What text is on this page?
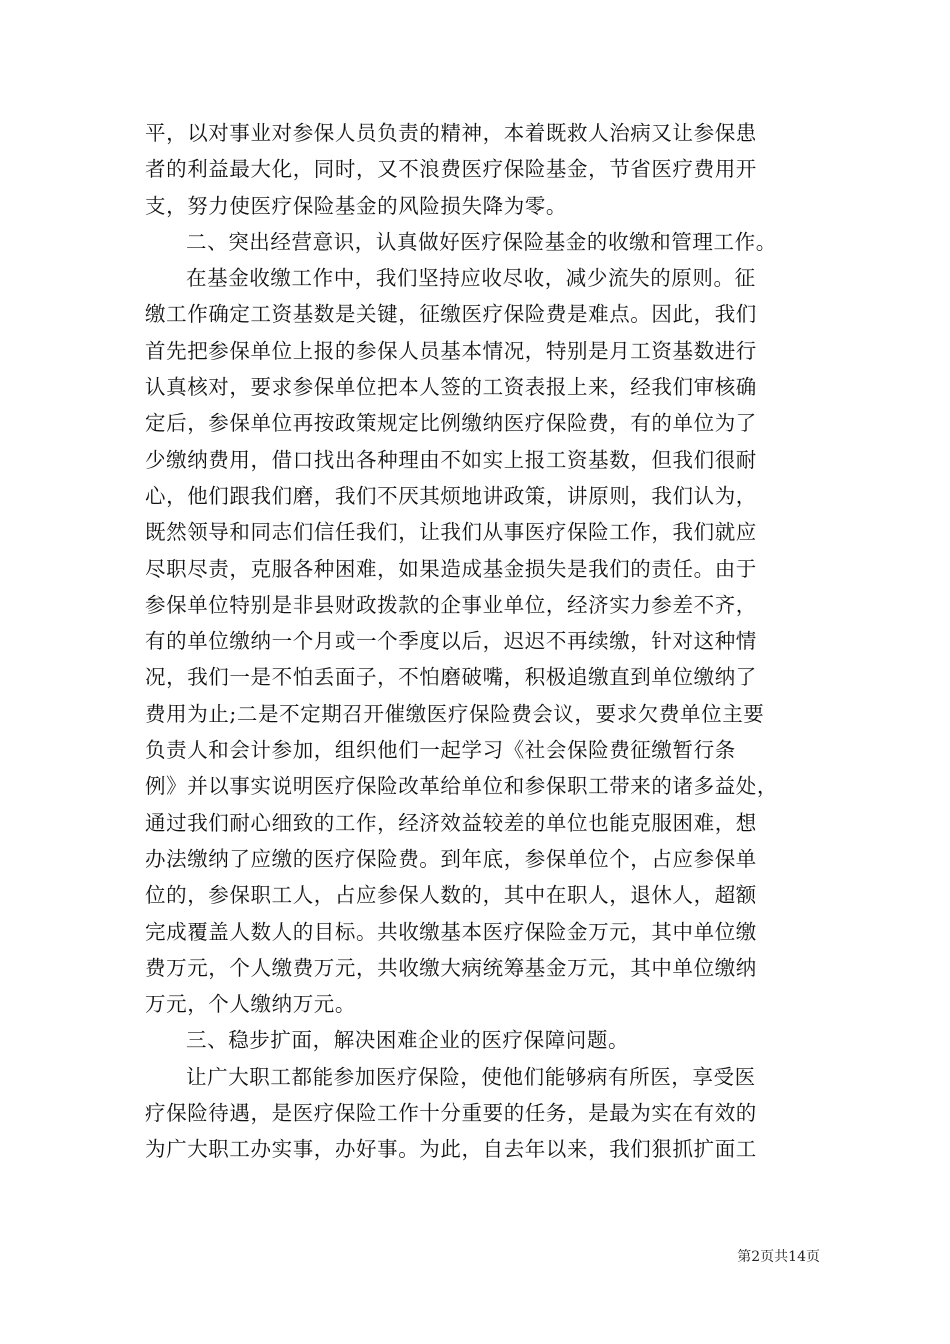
平，以对事业对参保人员负责的精神，本着既救人治病又让参保患
者的利益最大化，同时，又不浪费医疗保险基金，节省医疗费用开
支，努力使医疗保险基金的风险损失降为零。
二、突出经营意识，认真做好医疗保险基金的收缴和管理工作。
在基金收缴工作中，我们坚持应收尽收，减少流失的原则。征
缴工作确定工资基数是关键，征缴医疗保险费是难点。因此，我们
首先把参保单位上报的参保人员基本情况，特别是月工资基数进行
认真核对，要求参保单位把本人签的工资表报上来，经我们审核确
定后，参保单位再按政策规定比例缴纳医疗保险费，有的单位为了
少缴纳费用，借口找出各种理由不如实上报工资基数，但我们很耐
心，他们跟我们磨，我们不厌其烦地讲政策，讲原则，我们认为，
既然领导和同志们信任我们，让我们从事医疗保险工作，我们就应
尽职尽责，克服各种困难，如果造成基金损失是我们的责任。由于
参保单位特别是非县财政拨款的企事业单位，经济实力参差不齐，
有的单位缴纳一个月或一个季度以后，迟迟不再续缴，针对这种情
况，我们一是不怕丢面子，不怕磨破嘴，积极追缴直到单位缴纳了
费用为止;二是不定期召开催缴医疗保险费会议，要求欠费单位主要
负责人和会计参加，组织他们一起学习《社会保险费征缴暂行条
例》并以事实说明医疗保险改革给单位和参保职工带来的诸多益处，
通过我们耐心细致的工作，经济效益较差的单位也能克服困难，想
办法缴纳了应缴的医疗保险费。到年底，参保单位个，占应参保单
位的，参保职工人，占应参保人数的，其中在职人，退休人，超额
完成覆盖人数人的目标。共收缴基本医疗保险金万元，其中单位缴
费万元，个人缴费万元，共收缴大病统筹基金万元，其中单位缴纳
万元，个人缴纳万元。
三、稳步扩面，解决困难企业的医疗保障问题。
让广大职工都能参加医疗保险，使他们能够病有所医，享受医
疗保险待遇，是医疗保险工作十分重要的任务，是最为实在有效的
为广大职工办实事，办好事。为此，自去年以来，我们狠抓扩面工
第2页共14页
